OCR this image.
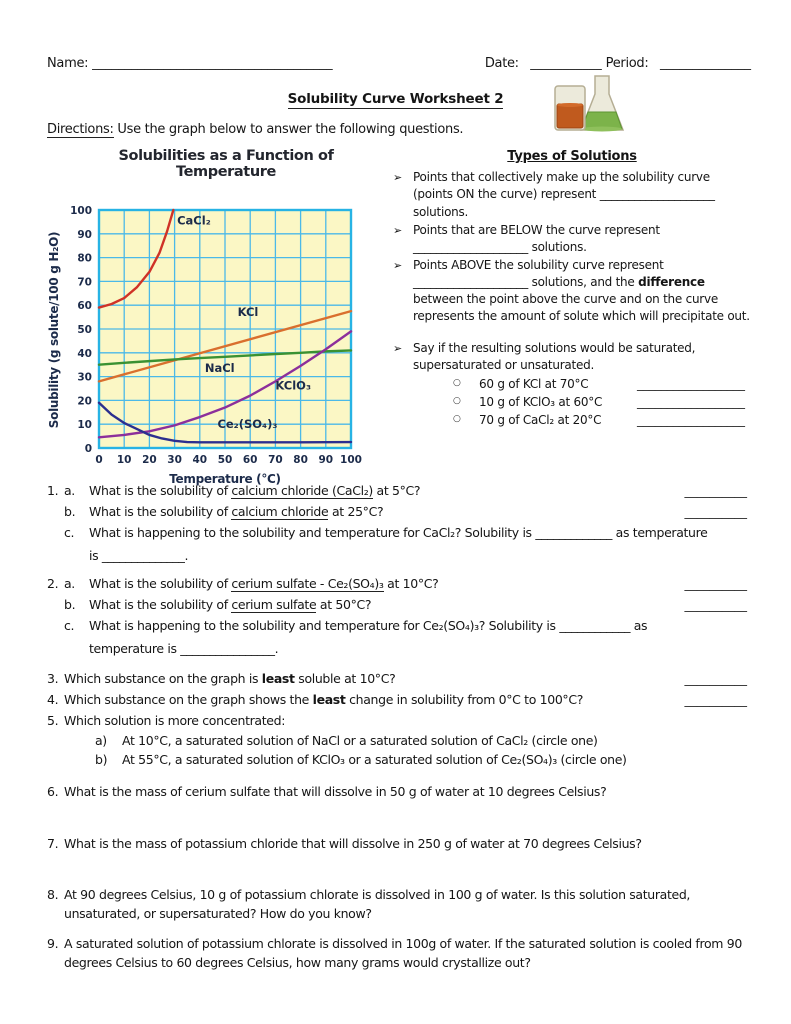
Name:
_____________________________________	Date: ___________ Period: ______________
Solubility Curve Worksheet 2
Directions: Use the graph below to answer the following questions.
Solubilities as a Function of Temperature
0 10 20 30 40 50 60 70 80 90 100
0
10
20
30
40
50
60
70
80
90
100
CaCl₂
KCl
NaCl
KClO₃
Ce₂(SO₄)₃
Temperature (°C)
Solubility (g solute/100 g H₂O)
Types of Solutions
➢ Points that collectively make up the solubility curve (points ON the curve) represent ____________________ solutions.
➢ Points that are BELOW the curve represent ____________________ solutions.
➢ Points ABOVE the solubility curve represent ____________________ solutions, and the difference between the point above the curve and on the curve represents the amount of solute which will precipitate out.
➢ Say if the resulting solutions would be saturated, supersaturated or unsaturated.
○	60 g of KCl at 70°C	__________________
○	10 g of KClO₃ at 60°C	__________________
○	70 g of CaCl₂ at 20°C	__________________
1. a.	What is the solubility of calcium chloride (CaCl₂) at 5°C?	__________
b.	What is the solubility of calcium chloride at 25°C?	__________
c.	What is happening to the solubility and temperature for CaCl₂? Solubility is _____________ as temperature
is ______________.
2. a.	What is the solubility of cerium sulfate - Ce₂(SO₄)₃ at 10°C?	__________
b.	What is the solubility of cerium sulfate at 50°C?	__________
c.	What is happening to the solubility and temperature for Ce₂(SO₄)₃? Solubility is ____________ as
temperature is ________________.
3. Which substance on the graph is least soluble at 10°C?	__________
4. Which substance on the graph shows the least change in solubility from 0°C to 100°C?	__________
5. Which solution is more concentrated:
a)	At 10°C, a saturated solution of NaCl or a saturated solution of CaCl₂ (circle one)
b)	At 55°C, a saturated solution of KClO₃ or a saturated solution of Ce₂(SO₄)₃ (circle one)
6. What is the mass of cerium sulfate that will dissolve in 50 g of water at 10 degrees Celsius?
7. What is the mass of potassium chloride that will dissolve in 250 g of water at 70 degrees Celsius?
8. At 90 degrees Celsius, 10 g of potassium chlorate is dissolved in 100 g of water. Is this solution saturated, unsaturated, or supersaturated? How do you know?
9. A saturated solution of potassium chlorate is dissolved in 100g of water. If the saturated solution is cooled from 90 degrees Celsius to 60 degrees Celsius, how many grams would crystallize out?
